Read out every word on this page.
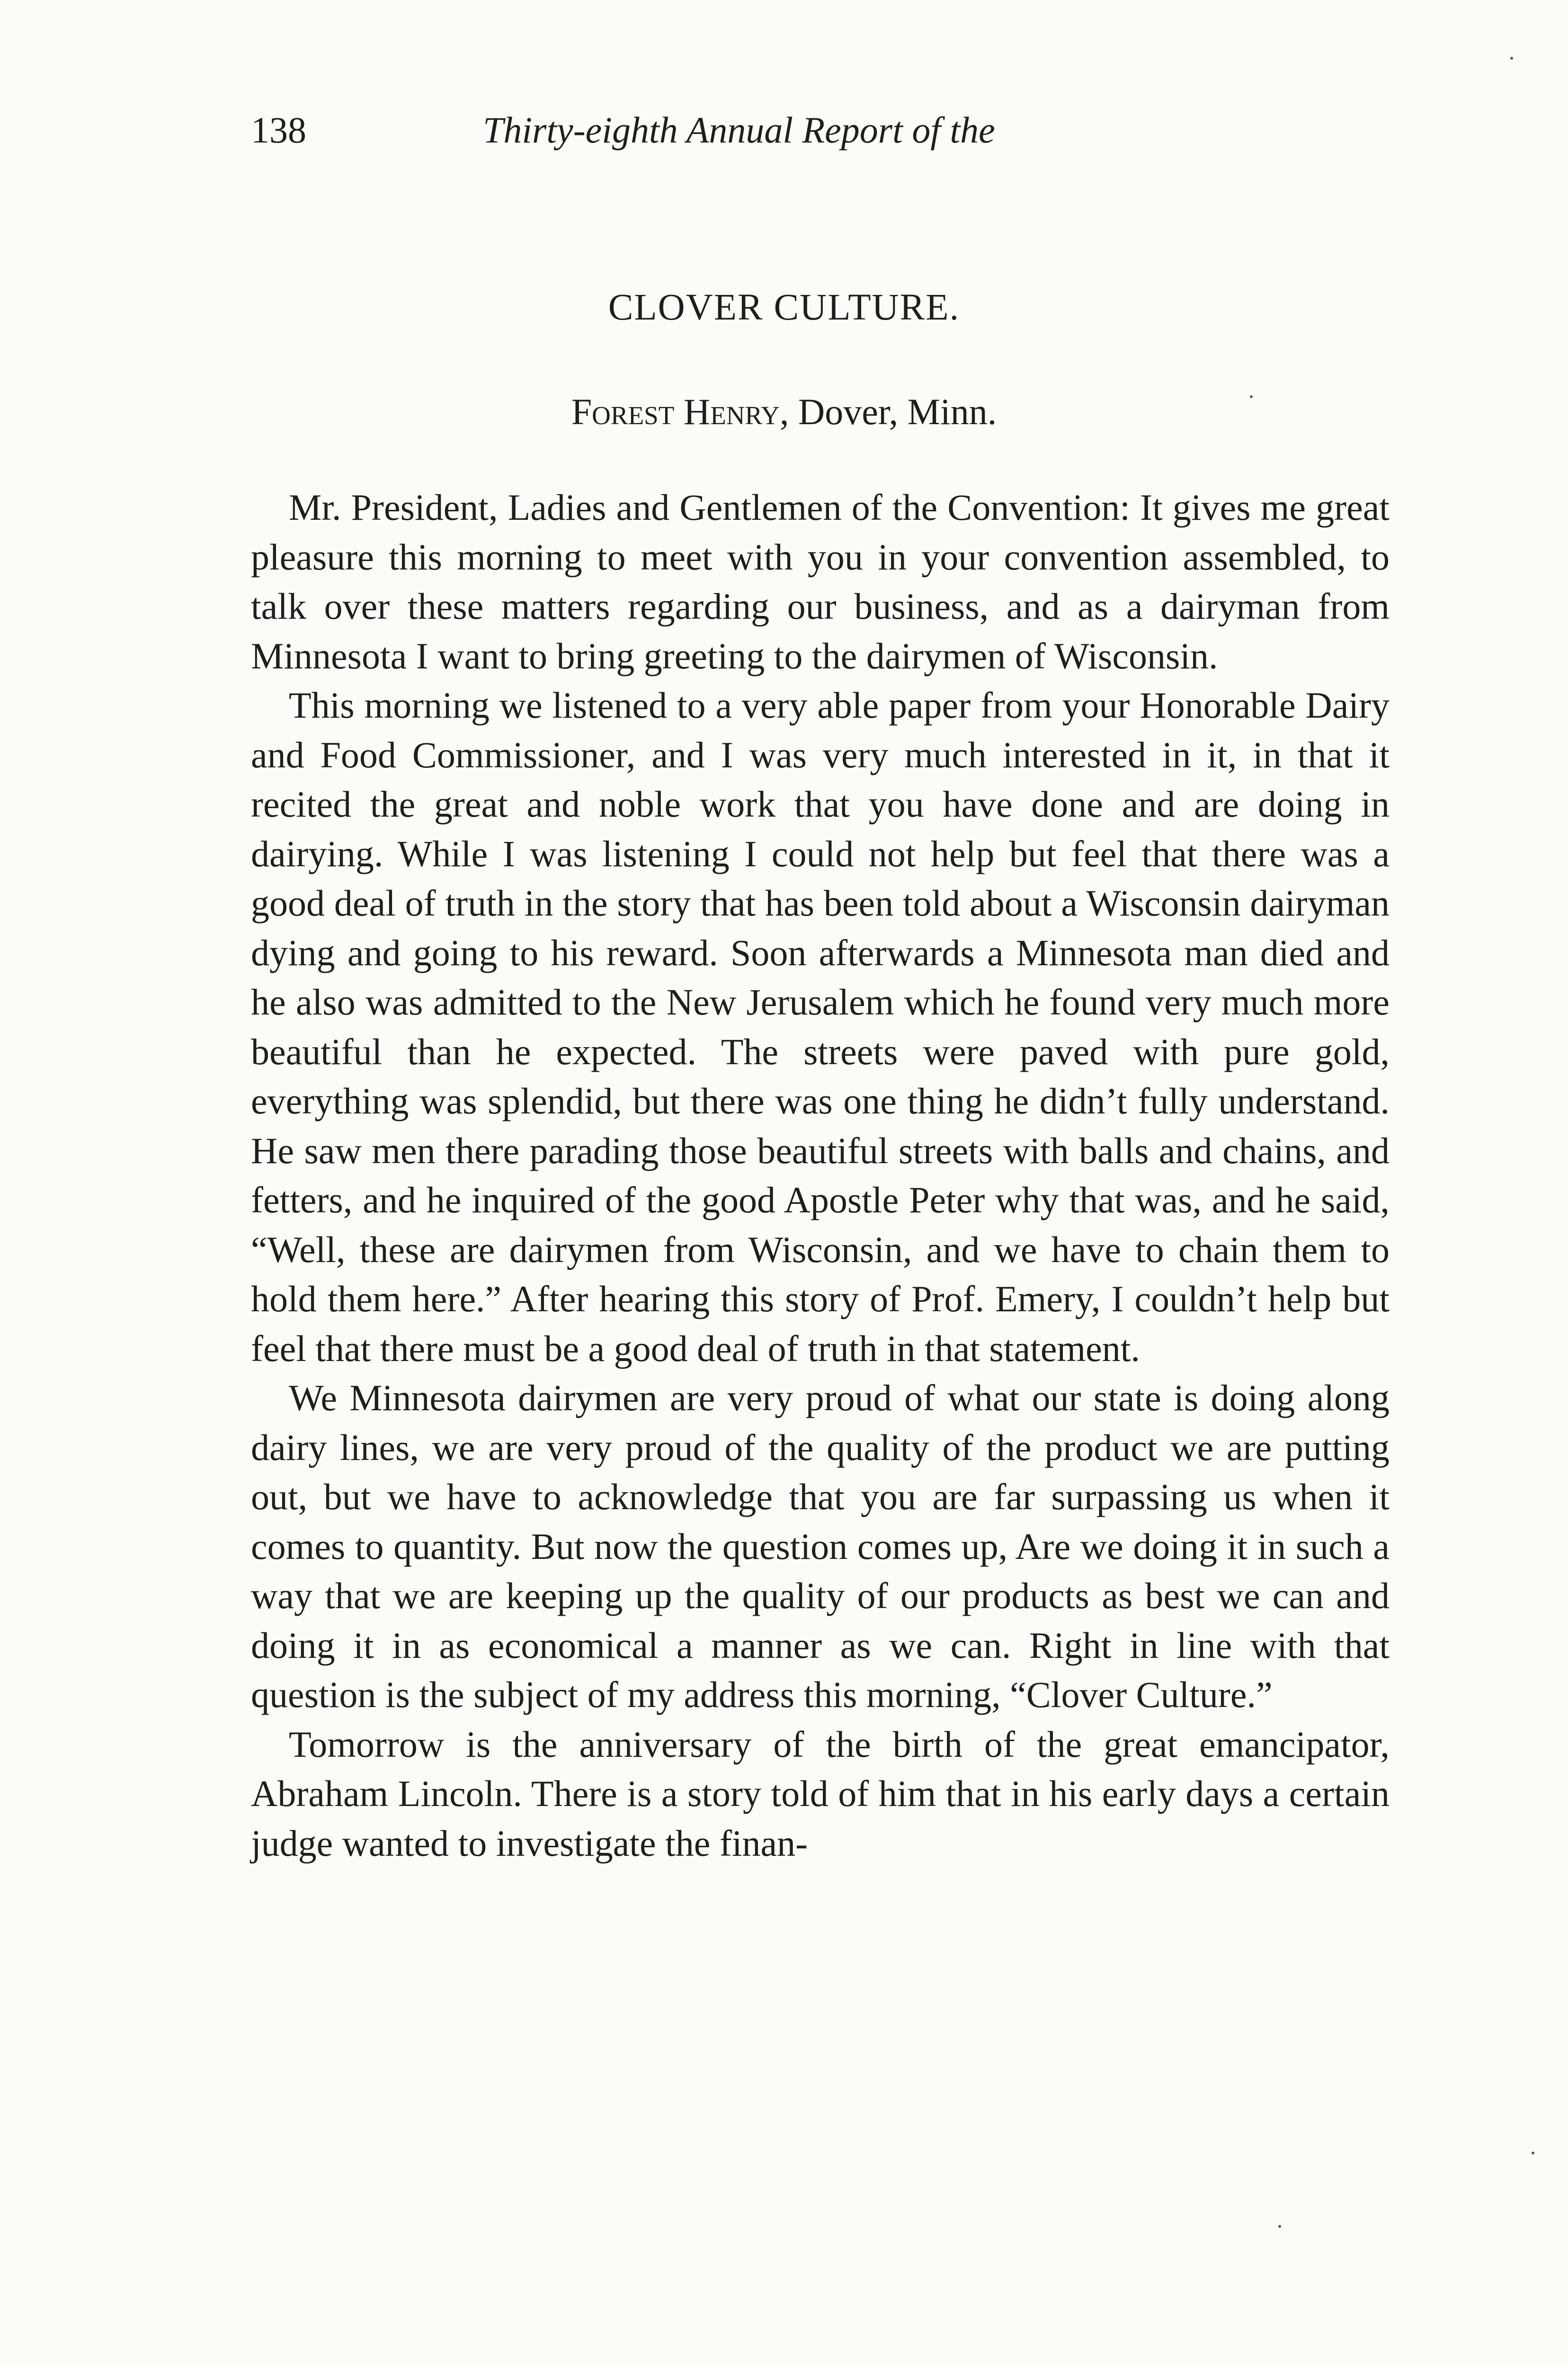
138	Thirty-eighth Annual Report of the
CLOVER CULTURE.
Forest Henry, Dover, Minn.

Mr. President, Ladies and Gentlemen of the Convention: It gives me great pleasure this morning to meet with you in your convention assembled, to talk over these matters regarding our business, and as a dairyman from Minnesota I want to bring greeting to the dairymen of Wisconsin.

This morning we listened to a very able paper from your Honorable Dairy and Food Commissioner, and I was very much interested in it, in that it recited the great and noble work that you have done and are doing in dairying. While I was listening I could not help but feel that there was a good deal of truth in the story that has been told about a Wisconsin dairyman dying and going to his reward. Soon afterwards a Minnesota man died and he also was admitted to the New Jerusalem which he found very much more beautiful than he expected. The streets were paved with pure gold, everything was splendid, but there was one thing he didn’t fully understand. He saw men there parading those beautiful streets with balls and chains, and fetters, and he inquired of the good Apostle Peter why that was, and he said, “Well, these are dairymen from Wisconsin, and we have to chain them to hold them here.” After hearing this story of Prof. Emery, I couldn’t help but feel that there must be a good deal of truth in that statement.

We Minnesota dairymen are very proud of what our state is doing along dairy lines, we are very proud of the quality of the product we are putting out, but we have to acknowledge that you are far surpassing us when it comes to quantity. But now the question comes up, Are we doing it in such a way that we are keeping up the quality of our products as best we can and doing it in as economical a manner as we can. Right in line with that question is the subject of my address this morning, “Clover Culture.”

Tomorrow is the anniversary of the birth of the great emancipator, Abraham Lincoln. There is a story told of him that in his early days a certain judge wanted to investigate the finan-
